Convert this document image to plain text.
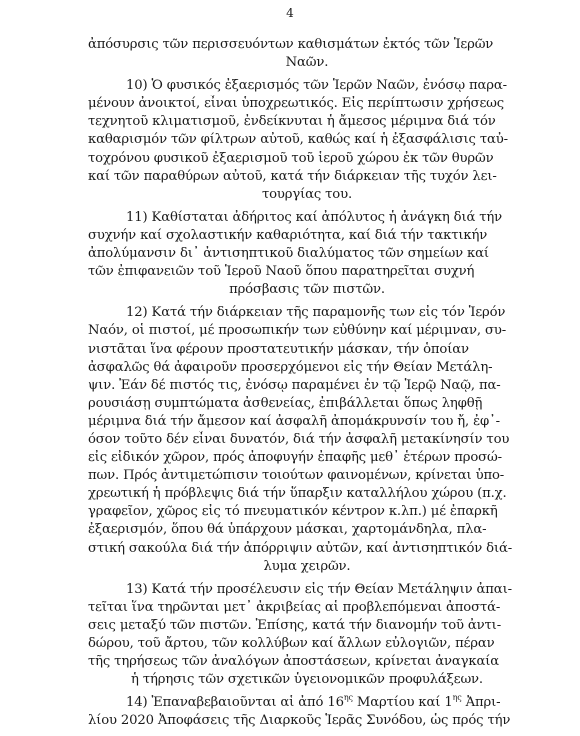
4
ἀπόσυρσις τῶν περισσευόντων καθισμάτων ἐκτός τῶν Ἱερῶν
Ναῶν.
10) Ὁ φυσικός ἐξαερισμός τῶν Ἱερῶν Ναῶν, ἐνόσῳ παρα-
μένουν ἀνοικτοί, εἶναι ὑποχρεωτικός. Εἰς περίπτωσιν χρήσεως
τεχνητοῦ κλιματισμοῦ, ἐνδείκνυται ἡ ἄμεσος μέριμνα διά τόν
καθαρισμόν τῶν φίλτρων αὐτοῦ, καθώς καί ἡ ἐξασφάλισις ταὐ-
τοχρόνου φυσικοῦ ἐξαερισμοῦ τοῦ ἱεροῦ χώρου ἐκ τῶν θυρῶν
καί τῶν παραθύρων αὐτοῦ, κατά τήν διάρκειαν τῆς τυχόν λει-
τουργίας του.
11) Καθίσταται ἀδήριτος καί ἀπόλυτος ἡ ἀνάγκη διά τήν
συχνήν καί σχολαστικήν καθαριότητα, καί διά τήν τακτικήν
ἀπολύμανσιν δι᾽ ἀντισηπτικοῦ διαλύματος τῶν σημείων καί
τῶν ἐπιφανειῶν τοῦ Ἱεροῦ Ναοῦ ὅπου παρατηρεῖται συχνή
πρόσβασις τῶν πιστῶν.
12) Κατά τήν διάρκειαν τῆς παραμονῆς των εἰς τόν Ἱερόν
Ναόν, οἱ πιστοί, μέ προσωπικήν των εὐθύνην καί μέριμναν, συ-
νιστᾶται ἵνα φέρουν προστατευτικήν μάσκαν, τήν ὁποίαν
ἀσφαλῶς θά ἀφαιροῦν προσερχόμενοι εἰς τήν Θείαν Μετάλη-
ψιν. Ἐάν δέ πιστός τις, ἐνόσῳ παραμένει ἐν τῷ Ἱερῷ Ναῷ, πα-
ρουσιάσῃ συμπτώματα ἀσθενείας, ἐπιβάλλεται ὅπως ληφθῇ
μέριμνα διά τήν ἄμεσον καί ἀσφαλῆ ἀπομάκρυνσίν του ἤ, ἐφ᾽-
όσον τοῦτο δέν εἶναι δυνατόν, διά τήν ἀσφαλῆ μετακίνησίν του
εἰς εἰδικόν χῶρον, πρός ἀποφυγήν ἐπαφῆς μεθ᾽ ἑτέρων προσώ-
πων. Πρός ἀντιμετώπισιν τοιούτων φαινομένων, κρίνεται ὑπο-
χρεωτική ἡ πρόβλεψις διά τήν ὕπαρξιν καταλλήλου χώρου (π.χ.
γραφεῖον, χῶρος εἰς τό πνευματικόν κέντρον κ.λπ.) μέ ἐπαρκῆ
ἐξαερισμόν, ὅπου θά ὑπάρχουν μάσκαι, χαρτομάνδηλα, πλα-
στική σακούλα διά τήν ἀπόρριψιν αὐτῶν, καί ἀντισηπτικόν διά-
λυμα χειρῶν.
13) Κατά τήν προσέλευσιν εἰς τήν Θείαν Μετάληψιν ἀπαι-
τεῖται ἵνα τηρῶνται μετ᾽ ἀκριβείας αἱ προβλεπόμεναι ἀποστά-
σεις μεταξύ τῶν πιστῶν. Ἐπίσης, κατά τήν διανομήν τοῦ ἀντι-
δώρου, τοῦ ἄρτου, τῶν κολλύβων καί ἄλλων εὐλογιῶν, πέραν
τῆς τηρήσεως τῶν ἀναλόγων ἀποστάσεων, κρίνεται ἀναγκαία
ἡ τήρησις τῶν σχετικῶν ὑγειονομικῶν προφυλάξεων.
14) Ἐπαναβεβαιοῦνται αἱ ἀπό $16^{\eta\varsigma}$ Μαρτίου καί $1^{\eta\varsigma}$ Ἀπρι-
λίου 2020 Ἀποφάσεις τῆς Διαρκοῦς Ἱερᾶς Συνόδου, ὡς πρός τήν
